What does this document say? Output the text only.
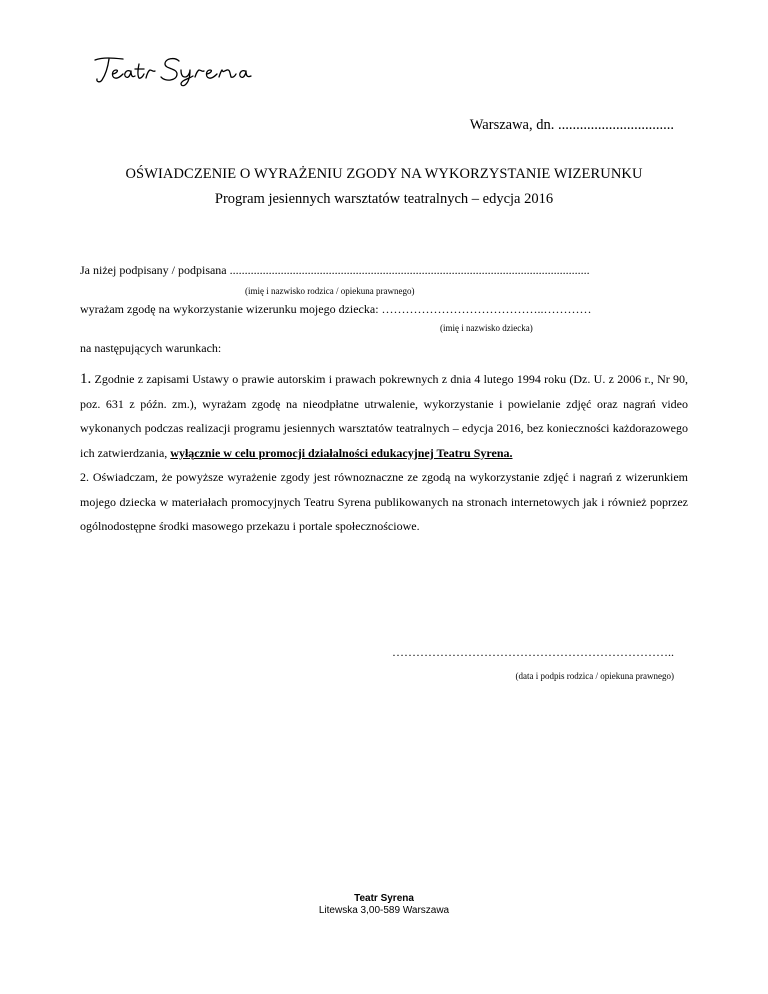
Warszawa, dn. ................................
OŚWIADCZENIE O WYRAŻENIU ZGODY NA WYKORZYSTANIE WIZERUNKU
Program jesiennych warsztatów teatralnych – edycja 2016
Ja niżej podpisany / podpisana ........................................................................................................................
(imię i nazwisko rodzica / opiekuna prawnego)
wyrażam zgodę na wykorzystanie wizerunku mojego dziecka: …………………………………..…………
(imię i nazwisko dziecka)
na następujących warunkach:

1. Zgodnie z zapisami Ustawy o prawie autorskim i prawach pokrewnych z dnia 4 lutego 1994 roku (Dz. U. z 2006 r., Nr 90, poz. 631 z późn. zm.), wyrażam zgodę na nieodpłatne utrwalenie, wykorzystanie i powielanie zdjęć oraz nagrań video wykonanych podczas realizacji programu jesiennych warsztatów teatralnych – edycja 2016, bez konieczności każdorazowego ich zatwierdzania, wyłącznie w celu promocji działalności edukacyjnej Teatru Syrena.

2. Oświadczam, że powyższe wyrażenie zgody jest równoznaczne ze zgodą na wykorzystanie zdjęć i nagrań z wizerunkiem mojego dziecka w materiałach promocyjnych Teatru Syrena publikowanych na stronach internetowych jak i również poprzez ogólnodostępne środki masowego przekazu i portale społecznościowe.

……………………………………………………………..
(data i podpis rodzica / opiekuna prawnego)
Teatr Syrena
Litewska 3,00-589 Warszawa
